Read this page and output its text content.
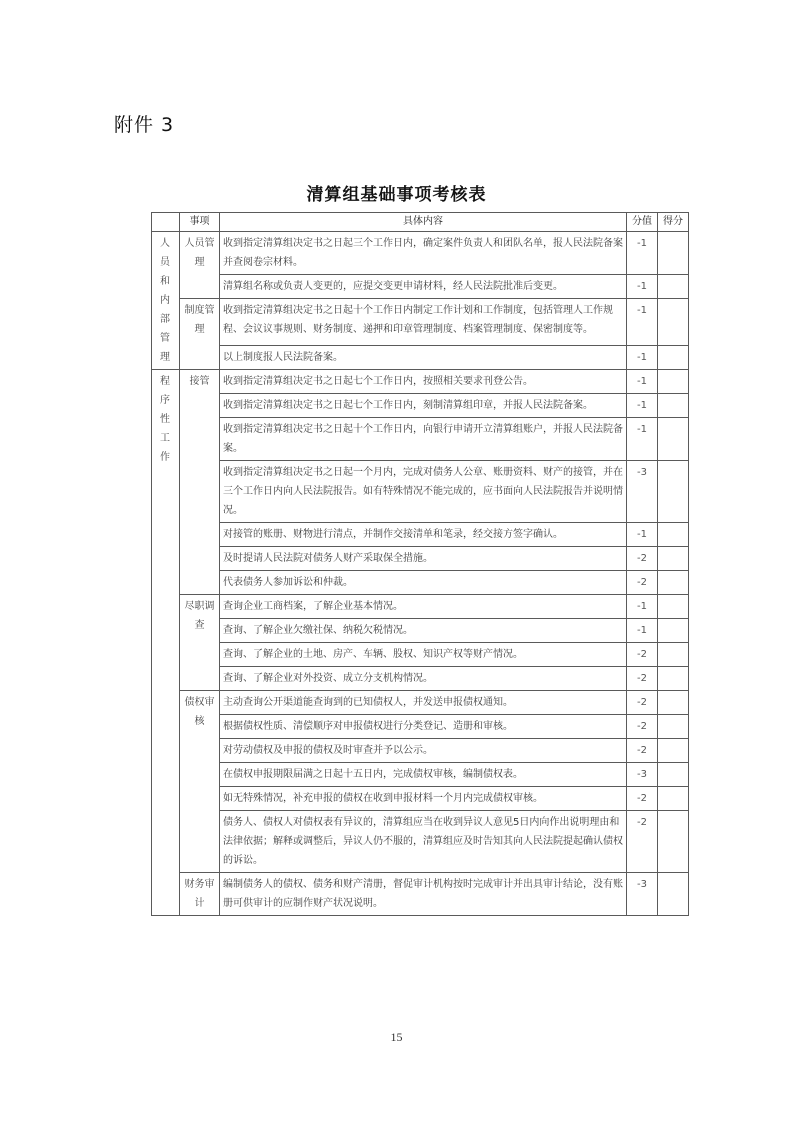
附件 3
清算组基础事项考核表
	事项	具体内容	分值	得分
人员和内部管理	人员管理	收到指定清算组决定书之日起三个工作日内，确定案件负责人和团队名单，报人民法院备案并查阅卷宗材料。	-1	
		清算组名称或负责人变更的，应提交变更申请材料，经人民法院批准后变更。	-1	
	制度管理	收到指定清算组决定书之日起十个工作日内制定工作计划和工作制度，包括管理人工作规程、会议议事规则、财务制度、递押和印章管理制度、档案管理制度、保密制度等。	-1	
		以上制度报人民法院备案。	-1	
程序性工作	接管	收到指定清算组决定书之日起七个工作日内，按照相关要求刊登公告。	-1	
		收到指定清算组决定书之日起七个工作日内，刻制清算组印章，并报人民法院备案。	-1	
		收到指定清算组决定书之日起十个工作日内，向银行申请开立清算组账户，并报人民法院备案。	-1	
		收到指定清算组决定书之日起一个月内，完成对债务人公章、账册资料、财产的接管，并在三个工作日内向人民法院报告。如有特殊情况不能完成的，应书面向人民法院报告并说明情况。	-3	
		对接管的账册、财物进行清点，并制作交接清单和笔录，经交接方签字确认。	-1	
		及时提请人民法院对债务人财产采取保全措施。	-2	
		代表债务人参加诉讼和仲裁。	-2	
	尽职调查	查询企业工商档案，了解企业基本情况。	-1	
		查询、了解企业欠缴社保、纳税欠税情况。	-1	
		查询、了解企业的土地、房产、车辆、股权、知识产权等财产情况。	-2	
		查询、了解企业对外投资、成立分支机构情况。	-2	
	债权审核	主动查询公开渠道能查询到的已知债权人，并发送申报债权通知。	-2	
		根据债权性质、清偿顺序对申报债权进行分类登记、造册和审核。	-2	
		对劳动债权及申报的债权及时审查并予以公示。	-2	
		在债权申报期限届满之日起十五日内，完成债权审核，编制债权表。	-3	
		如无特殊情况，补充申报的债权在收到申报材料一个月内完成债权审核。	-2	
		债务人、债权人对债权表有异议的，清算组应当在收到异议人意见5日内向作出说明理由和法律依据；解释或调整后，异议人仍不服的，清算组应及时告知其向人民法院提起确认债权的诉讼。	-2	
	财务审计	编制债务人的债权、债务和财产清册，督促审计机构按时完成审计并出具审计结论，没有账册可供审计的应制作财产状况说明。	-3	
15
